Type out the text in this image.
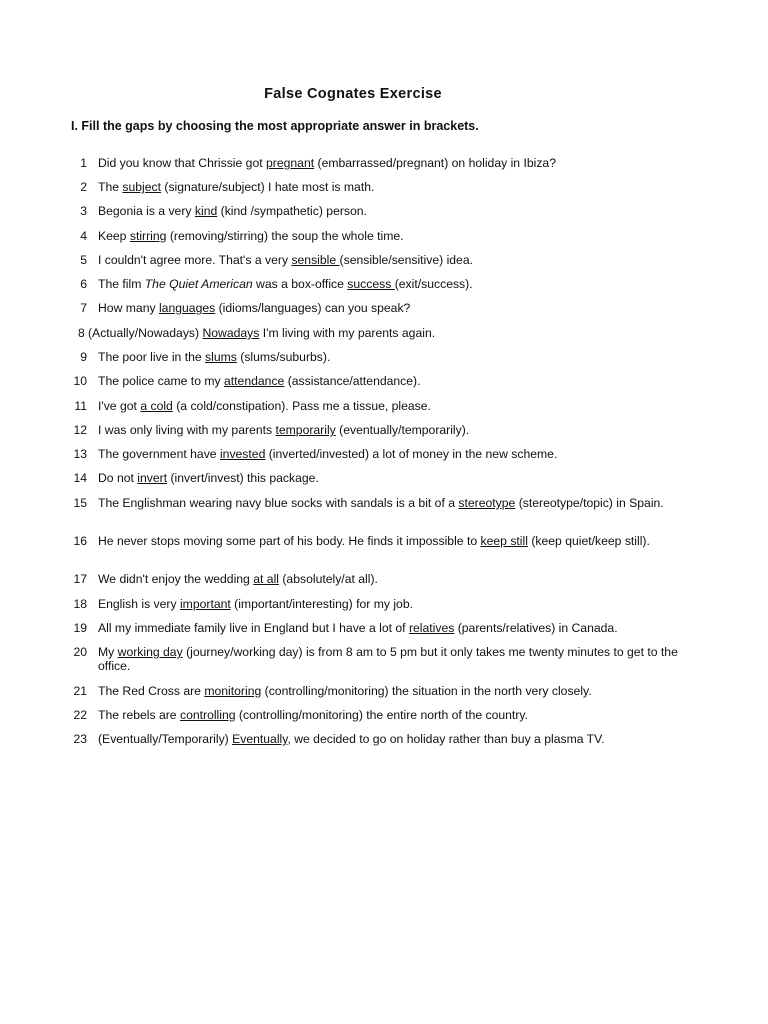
False Cognates Exercise
I. Fill the gaps by choosing the most appropriate answer in brackets.
1 Did you know that Chrissie got pregnant (embarrassed/pregnant) on holiday in Ibiza?
2 The subject (signature/subject) I hate most is math.
3 Begonia is a very kind (kind /sympathetic) person.
4 Keep stirring (removing/stirring) the soup the whole time.
5 I couldn't agree more. That's a very sensible (sensible/sensitive) idea.
6 The film The Quiet American was a box-office success (exit/success).
7 How many languages (idioms/languages) can you speak?
8 (Actually/Nowadays) Nowadays I'm living with my parents again.
9 The poor live in the slums (slums/suburbs).
10 The police came to my attendance (assistance/attendance).
11 I've got a cold (a cold/constipation). Pass me a tissue, please.
12 I was only living with my parents temporarily (eventually/temporarily).
13 The government have invested (inverted/invested) a lot of money in the new scheme.
14 Do not invert (invert/invest) this package.
15 The Englishman wearing navy blue socks with sandals is a bit of a stereotype (stereotype/topic) in Spain.
16 He never stops moving some part of his body. He finds it impossible to keep still (keep quiet/keep still).
17 We didn't enjoy the wedding at all (absolutely/at all).
18 English is very important (important/interesting) for my job.
19 All my immediate family live in England but I have a lot of relatives (parents/relatives) in Canada.
20 My working day (journey/working day) is from 8 am to 5 pm but it only takes me twenty minutes to get to the office.
21 The Red Cross are monitoring (controlling/monitoring) the situation in the north very closely.
22 The rebels are controlling (controlling/monitoring) the entire north of the country.
23 (Eventually/Temporarily) Eventually, we decided to go on holiday rather than buy a plasma TV.
